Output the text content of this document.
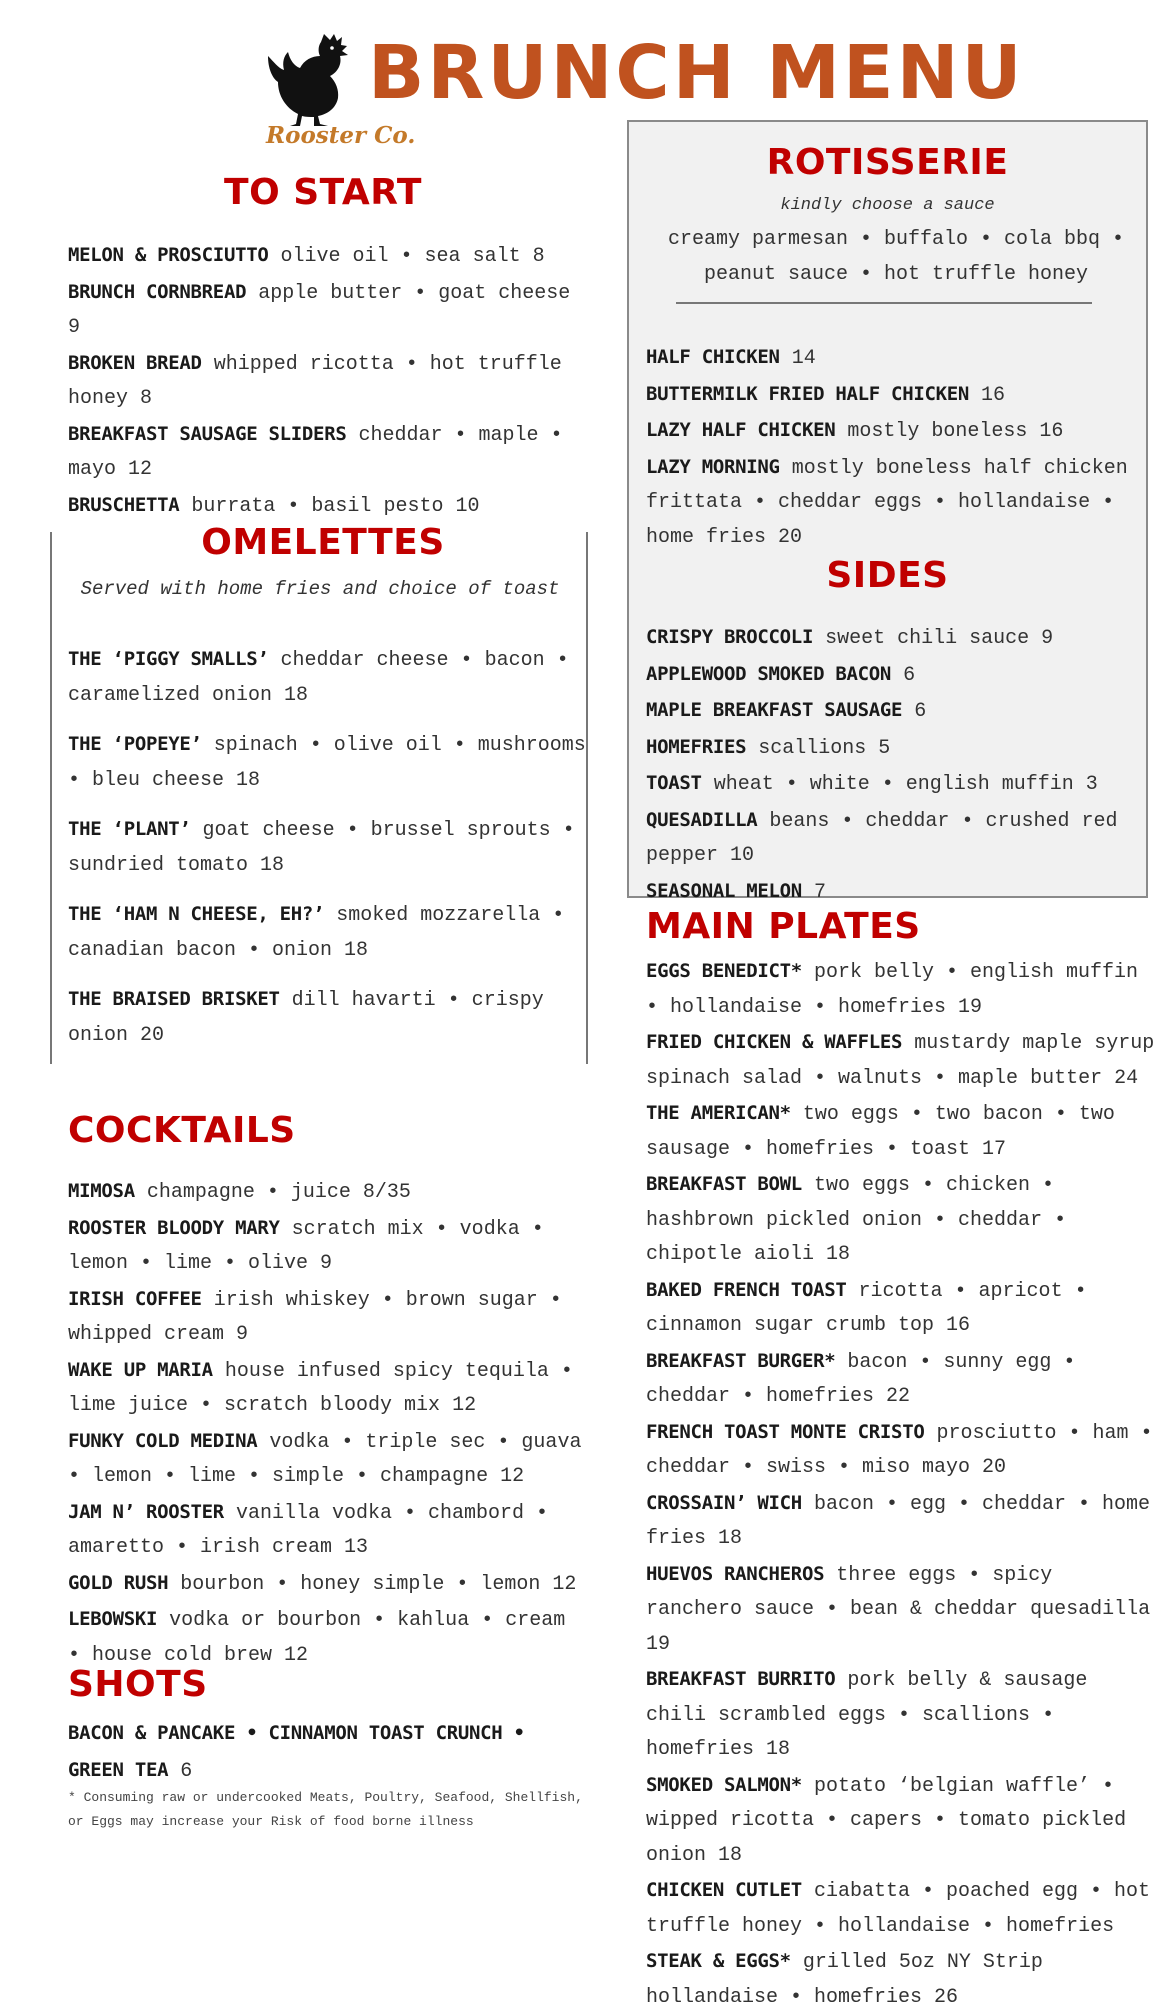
BRUNCH MENU
Rooster Co.
TO START

MELON & PROSCIUTTO olive oil • sea salt 8

BRUNCH CORNBREAD apple butter • goat cheese 9

BROKEN BREAD whipped ricotta • hot truffle honey 8

BREAKFAST SAUSAGE SLIDERS cheddar • maple • mayo 12

BRUSCHETTA burrata • basil pesto 10

OMELETTES
Served with home fries and choice of toast

THE ‘PIGGY SMALLS’ cheddar cheese • bacon • caramelized onion 18

THE ‘POPEYE’ spinach • olive oil • mushrooms • bleu cheese 18

THE ‘PLANT’ goat cheese • brussel sprouts • sundried tomato 18

THE ‘HAM N CHEESE, EH?’ smoked mozzarella • canadian bacon • onion 18

THE BRAISED BRISKET dill havarti • crispy onion 20

COCKTAILS

MIMOSA champagne • juice 8/35

ROOSTER BLOODY MARY scratch mix • vodka • lemon • lime • olive 9

IRISH COFFEE irish whiskey • brown sugar • whipped cream 9

WAKE UP MARIA house infused spicy tequila • lime juice • scratch bloody mix 12

FUNKY COLD MEDINA vodka • triple sec • guava • lemon • lime • simple • champagne 12

JAM N’ ROOSTER vanilla vodka • chambord • amaretto • irish cream 13

GOLD RUSH bourbon • honey simple • lemon 12

LEBOWSKI vodka or bourbon • kahlua • cream • house cold brew 12

SHOTS

BACON & PANCAKE • CINNAMON TOAST CRUNCH • GREEN TEA 6

* Consuming raw or undercooked Meats, Poultry, Seafood, Shellfish, or Eggs may increase your Risk of food borne illness
ROTISSERIE
kindly choose a sauce
creamy parmesan • buffalo • cola bbq • peanut sauce • hot truffle honey

HALF CHICKEN 14

BUTTERMILK FRIED HALF CHICKEN 16

LAZY HALF CHICKEN mostly boneless 16

LAZY MORNING mostly boneless half chicken frittata • cheddar eggs • hollandaise • home fries 20

SIDES

CRISPY BROCCOLI sweet chili sauce 9

APPLEWOOD SMOKED BACON 6

MAPLE BREAKFAST SAUSAGE 6

HOMEFRIES scallions 5

TOAST wheat • white • english muffin 3

QUESADILLA beans • cheddar • crushed red pepper 10

SEASONAL MELON 7

MAIN PLATES

EGGS BENEDICT* pork belly • english muffin • hollandaise • homefries 19

FRIED CHICKEN & WAFFLES mustardy maple syrup spinach salad • walnuts • maple butter 24

THE AMERICAN* two eggs • two bacon • two sausage • homefries • toast 17

BREAKFAST BOWL two eggs • chicken • hashbrown pickled onion • cheddar • chipotle aioli 18

BAKED FRENCH TOAST ricotta • apricot • cinnamon sugar crumb top 16

BREAKFAST BURGER* bacon • sunny egg • cheddar • homefries 22

FRENCH TOAST MONTE CRISTO prosciutto • ham • cheddar • swiss • miso mayo 20

CROSSAIN’ WICH bacon • egg • cheddar • home fries 18

HUEVOS RANCHEROS three eggs • spicy ranchero sauce • bean & cheddar quesadilla 19

BREAKFAST BURRITO pork belly & sausage chili scrambled eggs • scallions • homefries 18

SMOKED SALMON* potato ‘belgian waffle’ • wipped ricotta • capers • tomato pickled onion 18

CHICKEN CUTLET ciabatta • poached egg • hot truffle honey • hollandaise • homefries

STEAK & EGGS* grilled 5oz NY Strip hollandaise • homefries 26
